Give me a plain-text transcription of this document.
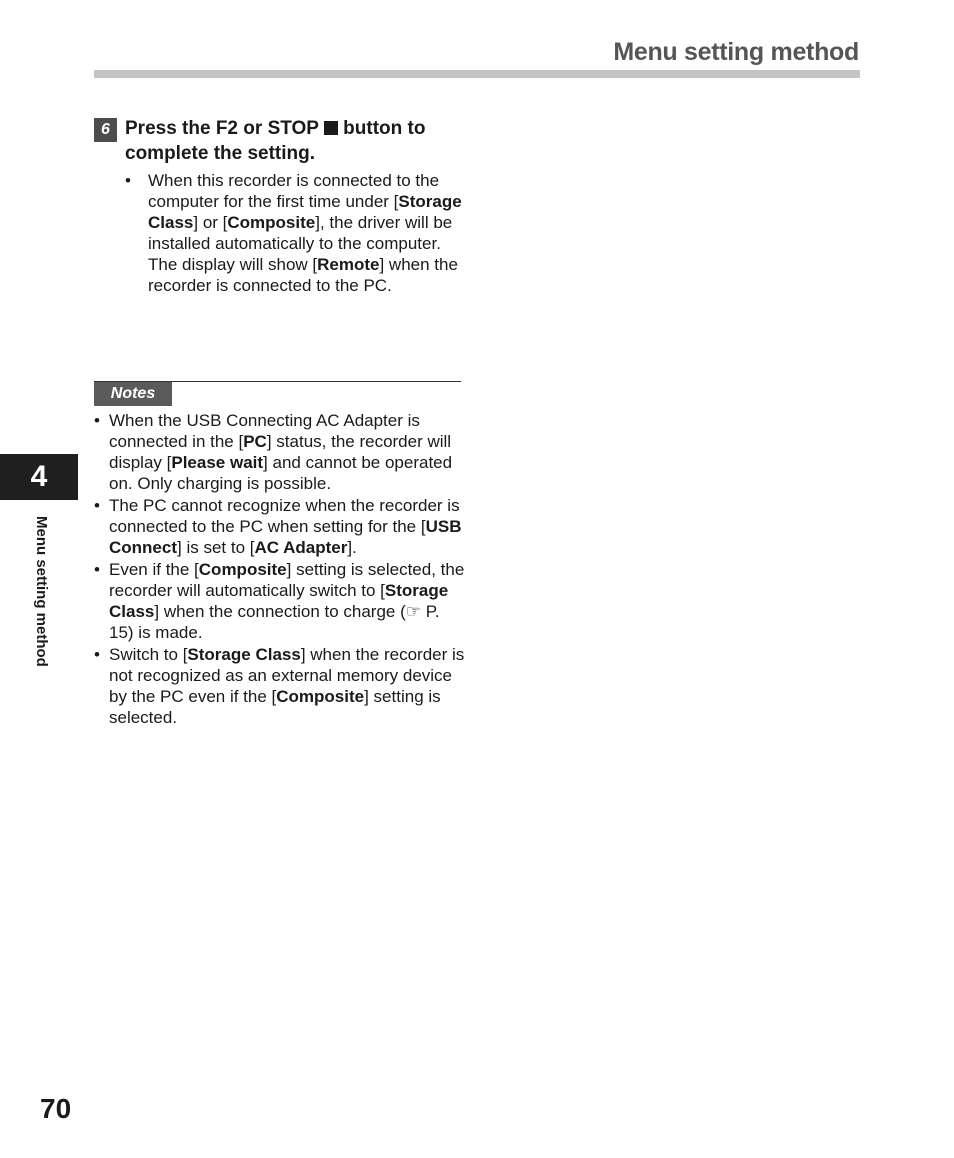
Menu setting method
6 Press the F2 or STOP  button to complete the setting.
•	When this recorder is connected to the computer for the first time under [Storage Class] or [Composite], the driver will be installed automatically to the computer. The display will show [Remote] when the recorder is connected to the PC.
Notes
• When the USB Connecting AC Adapter is connected in the [PC] status, the recorder will display [Please wait] and cannot be operated on. Only charging is possible.
• The PC cannot recognize when the recorder is connected to the PC when setting for the [USB Connect] is set to [AC Adapter].
• Even if the [Composite] setting is selected, the recorder will automatically switch to [Storage Class] when the connection to charge (☞ P. 15) is made.
• Switch to [Storage Class] when the recorder is not recognized as an external memory device by the PC even if the [Composite] setting is selected.
4
Menu setting method
70
